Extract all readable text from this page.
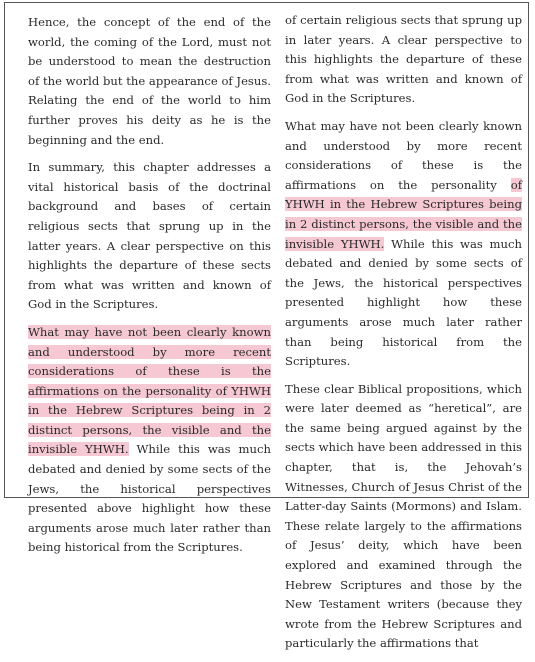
Hence, the concept of the end of the world, the coming of the Lord, must not be understood to mean the destruction of the world but the appearance of Jesus. Relating the end of the world to him further proves his deity as he is the beginning and the end.

In summary, this chapter addresses a vital historical basis of the doctrinal background and bases of certain religious sects that sprung up in the latter years. A clear perspective on this highlights the departure of these sects from what was written and known of God in the Scriptures.

What may have not been clearly known and understood by more recent considerations of these is the affirmations on the personality of YHWH in the Hebrew Scriptures being in 2 distinct persons, the visible and the invisible YHWH. While this was much debated and denied by some sects of the Jews, the historical perspectives presented above highlight how these arguments arose much later rather than being historical from the Scriptures.

of certain religious sects that sprung up in later years. A clear perspective to this highlights the departure of these from what was written and known of God in the Scriptures.

What may have not been clearly known and understood by more recent considerations of these is the affirmations on the personality of YHWH in the Hebrew Scriptures being in 2 distinct persons, the visible and the invisible YHWH. While this was much debated and denied by some sects of the Jews, the historical perspectives presented highlight how these arguments arose much later rather than being historical from the Scriptures.

These clear Biblical propositions, which were later deemed as “heretical”, are the same being argued against by the sects which have been addressed in this chapter, that is, the Jehovah’s Witnesses, Church of Jesus Christ of the Latter-day Saints (Mormons) and Islam. These relate largely to the affirmations of Jesus’ deity, which have been explored and examined through the Hebrew Scriptures and those by the New Testament writers (because they wrote from the Hebrew Scriptures and particularly the affirmations that
